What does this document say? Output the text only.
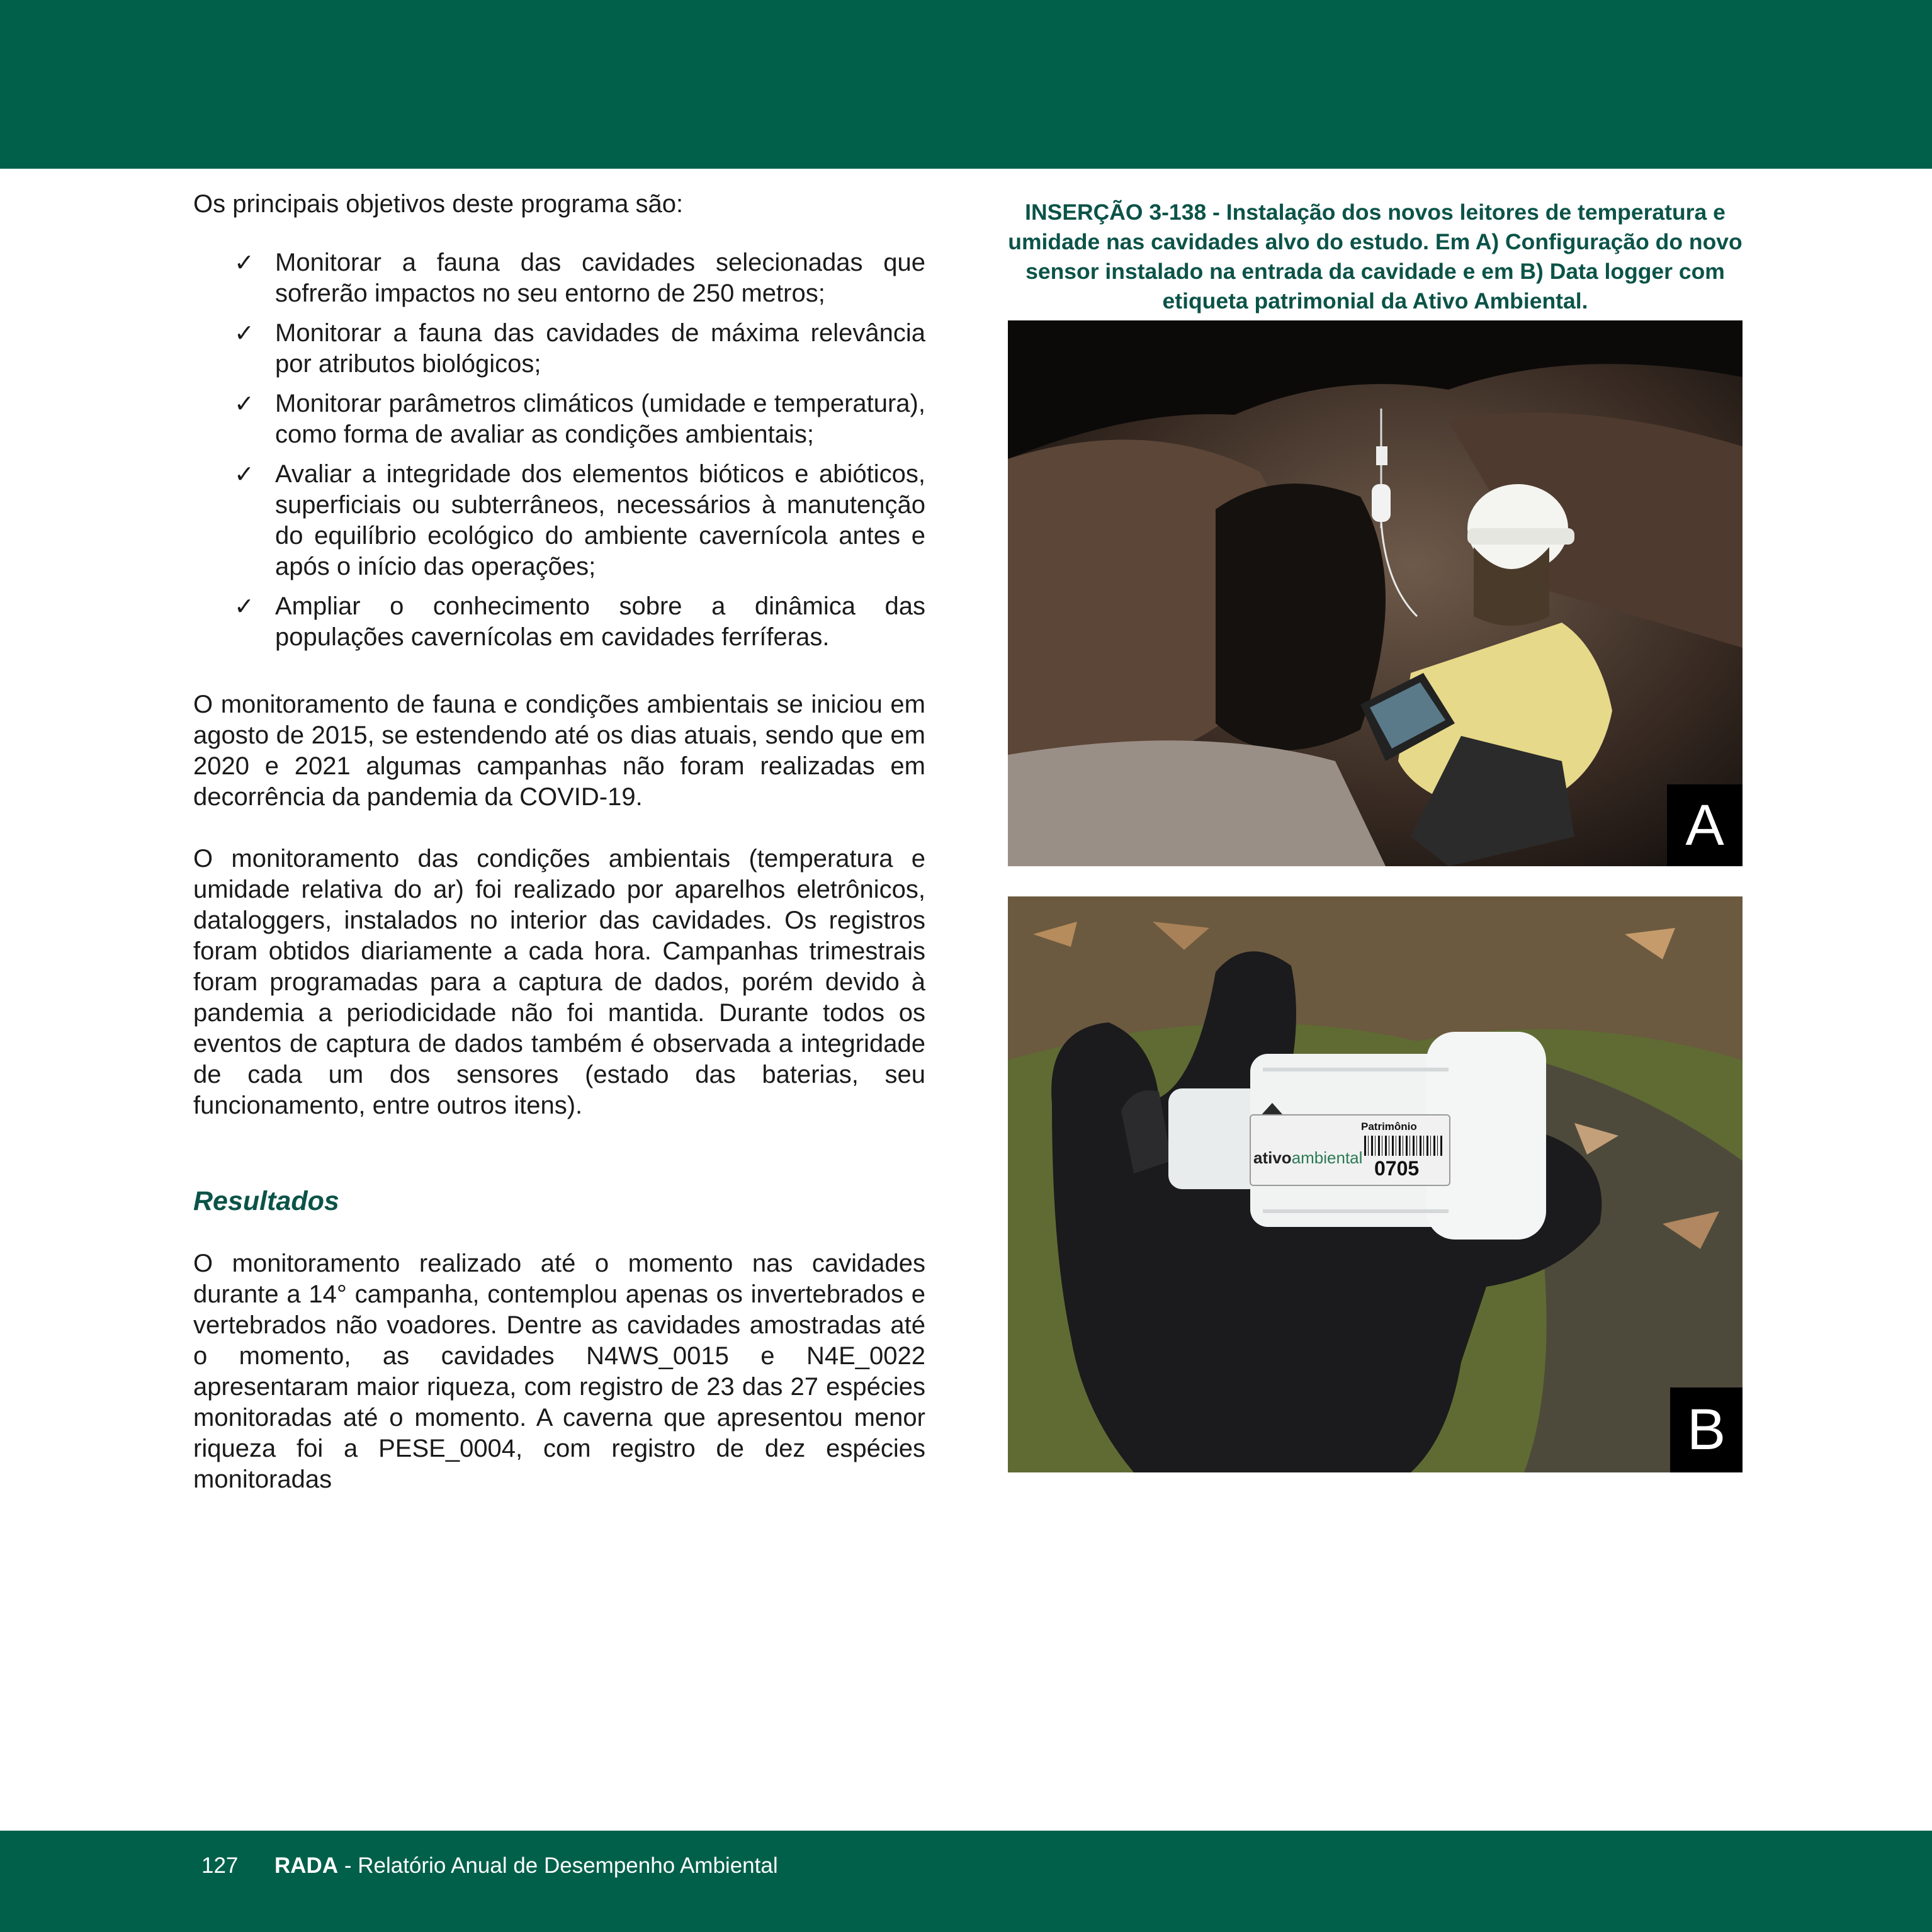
Os principais objetivos deste programa são:

✓ Monitorar a fauna das cavidades selecionadas que sofrerão impactos no seu entorno de 250 metros;
✓ Monitorar a fauna das cavidades de máxima relevância por atributos biológicos;
✓ Monitorar parâmetros climáticos (umidade e temperatura), como forma de avaliar as condições ambientais;
✓ Avaliar a integridade dos elementos bióticos e abióticos, superficiais ou subterrâneos, necessários à manutenção do equilíbrio ecológico do ambiente cavernícola antes e após o início das operações;
✓ Ampliar o conhecimento sobre a dinâmica das populações cavernícolas em cavidades ferríferas.

O monitoramento de fauna e condições ambientais se iniciou em agosto de 2015, se estendendo até os dias atuais, sendo que em 2020 e 2021 algumas campanhas não foram realizadas em decorrência da pandemia da COVID-19.

O monitoramento das condições ambientais (temperatura e umidade relativa do ar) foi realizado por aparelhos eletrônicos, dataloggers, instalados no interior das cavidades. Os registros foram obtidos diariamente a cada hora. Campanhas trimestrais foram programadas para a captura de dados, porém devido à pandemia a periodicidade não foi mantida. Durante todos os eventos de captura de dados também é observada a integridade de cada um dos sensores (estado das baterias, seu funcionamento, entre outros itens).

Resultados

O monitoramento realizado até o momento nas cavidades durante a 14° campanha, contemplou apenas os invertebrados e vertebrados não voadores. Dentre as cavidades amostradas até o momento, as cavidades N4WS_0015 e N4E_0022 apresentaram maior riqueza, com registro de 23 das 27 espécies monitoradas até o momento. A caverna que apresentou menor riqueza foi a PESE_0004, com registro de dez espécies monitoradas

INSERÇÃO 3-138 - Instalação dos novos leitores de temperatura e umidade nas cavidades alvo do estudo. Em A) Configuração do novo sensor instalado na entrada da cavidade e em B) Data logger com etiqueta patrimonial da Ativo Ambiental.
A
B
ativoambiental
Patrimônio
0705
127 RADA - Relatório Anual de Desempenho Ambiental
